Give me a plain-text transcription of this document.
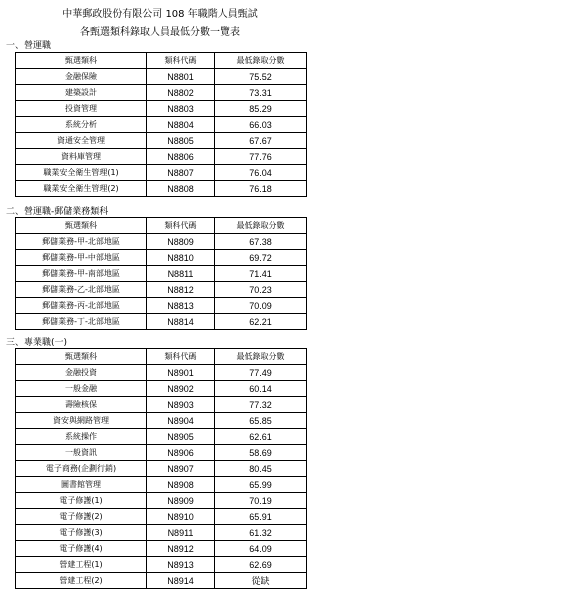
中華郵政股份有限公司 108 年職階人員甄試
各甄選類科錄取人員最低分數一覽表
一、營運職
甄選類科	類科代碼	最低錄取分數
金融保險	N8801	75.52
建築設計	N8802	73.31
投資管理	N8803	85.29
系統分析	N8804	66.03
資通安全管理	N8805	67.67
資料庫管理	N8806	77.76
職業安全衛生管理(1)	N8807	76.04
職業安全衛生管理(2)	N8808	76.18
二、營運職-郵儲業務類科
甄選類科	類科代碼	最低錄取分數
郵儲業務-甲-北部地區	N8809	67.38
郵儲業務-甲-中部地區	N8810	69.72
郵儲業務-甲-南部地區	N8811	71.41
郵儲業務-乙-北部地區	N8812	70.23
郵儲業務-丙-北部地區	N8813	70.09
郵儲業務-丁-北部地區	N8814	62.21
三、專業職(一)
甄選類科	類科代碼	最低錄取分數
金融投資	N8901	77.49
一般金融	N8902	60.14
壽險核保	N8903	77.32
資安與網路管理	N8904	65.85
系統操作	N8905	62.61
一般資訊	N8906	58.69
電子商務(企劃行銷)	N8907	80.45
圖書館管理	N8908	65.99
電子修護(1)	N8909	70.19
電子修護(2)	N8910	65.91
電子修護(3)	N8911	61.32
電子修護(4)	N8912	64.09
營建工程(1)	N8913	62.69
營建工程(2)	N8914	從缺
